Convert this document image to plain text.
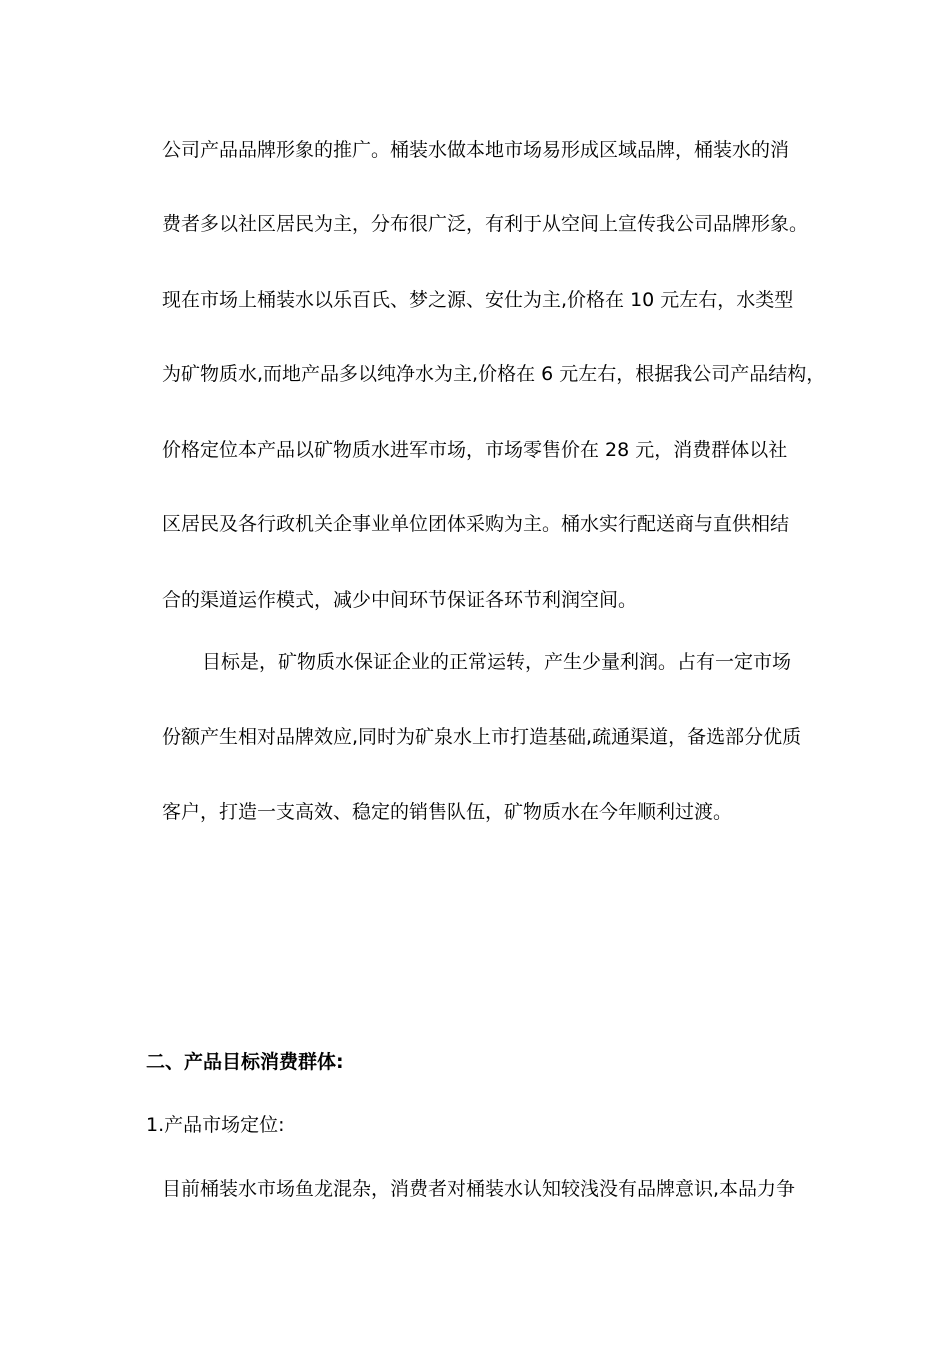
公司产品品牌形象的推广。桶装水做本地市场易形成区域品牌，桶装水的消
费者多以社区居民为主，分布很广泛，有利于从空间上宣传我公司品牌形象。
现在市场上桶装水以乐百氏、梦之源、安仕为主,价格在 10 元左右，水类型
为矿物质水,而地产品多以纯净水为主,价格在 6 元左右，根据我公司产品结构，
价格定位本产品以矿物质水进军市场，市场零售价在 28 元，消费群体以社
区居民及各行政机关企事业单位团体采购为主。桶水实行配送商与直供相结
合的渠道运作模式，减少中间环节保证各环节利润空间。
目标是，矿物质水保证企业的正常运转，产生少量利润。占有一定市场
份额产生相对品牌效应,同时为矿泉水上市打造基础,疏通渠道，备选部分优质
客户，打造一支高效、稳定的销售队伍，矿物质水在今年顺利过渡。
二、产品目标消费群体:
1.产品市场定位:
目前桶装水市场鱼龙混杂，消费者对桶装水认知较浅没有品牌意识,本品力争
